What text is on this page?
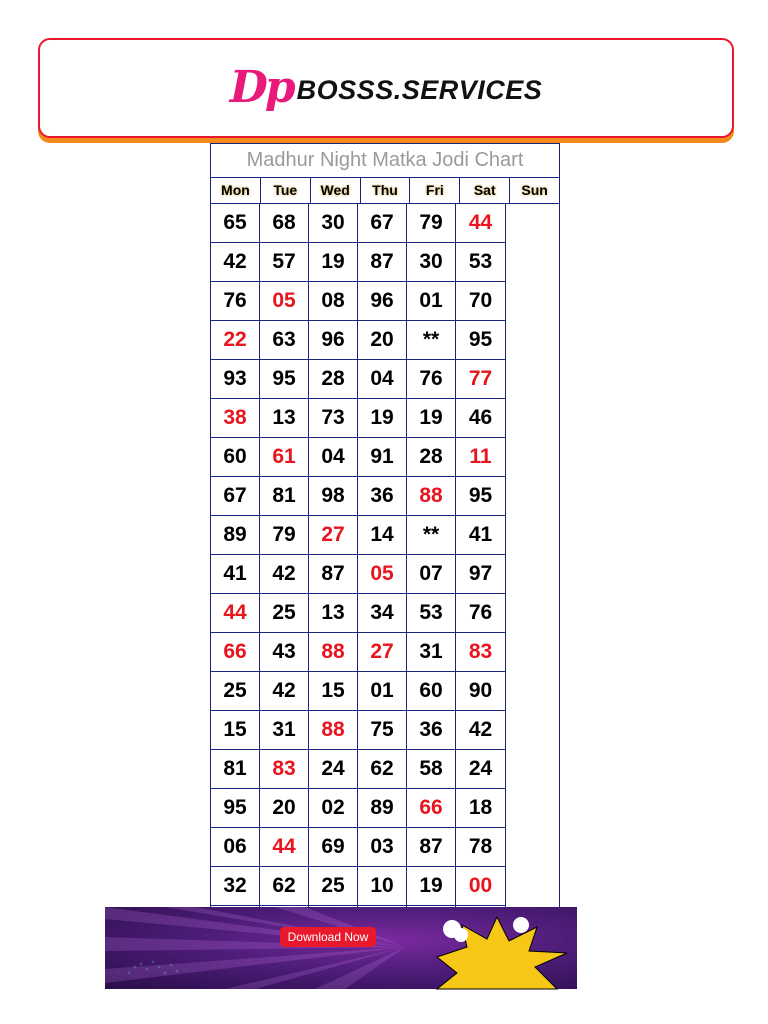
Dp BOSSS.SERVICES
Madhur Night Matka Jodi Chart
Mon	Tue	Wed	Thu	Fri	Sat	Sun
65	68	30	67	79	44
42	57	19	87	30	53
76	05	08	96	01	70
22	63	96	20	**	95
93	95	28	04	76	77
38	13	73	19	19	46
60	61	04	91	28	11
67	81	98	36	88	95
89	79	27	14	**	41
41	42	87	05	07	97
44	25	13	34	53	76
66	43	88	27	31	83
25	42	15	01	60	90
15	31	88	75	36	42
81	83	24	62	58	24
95	20	02	89	66	18
06	44	69	03	87	78
32	62	25	10	19	00
Download Now
